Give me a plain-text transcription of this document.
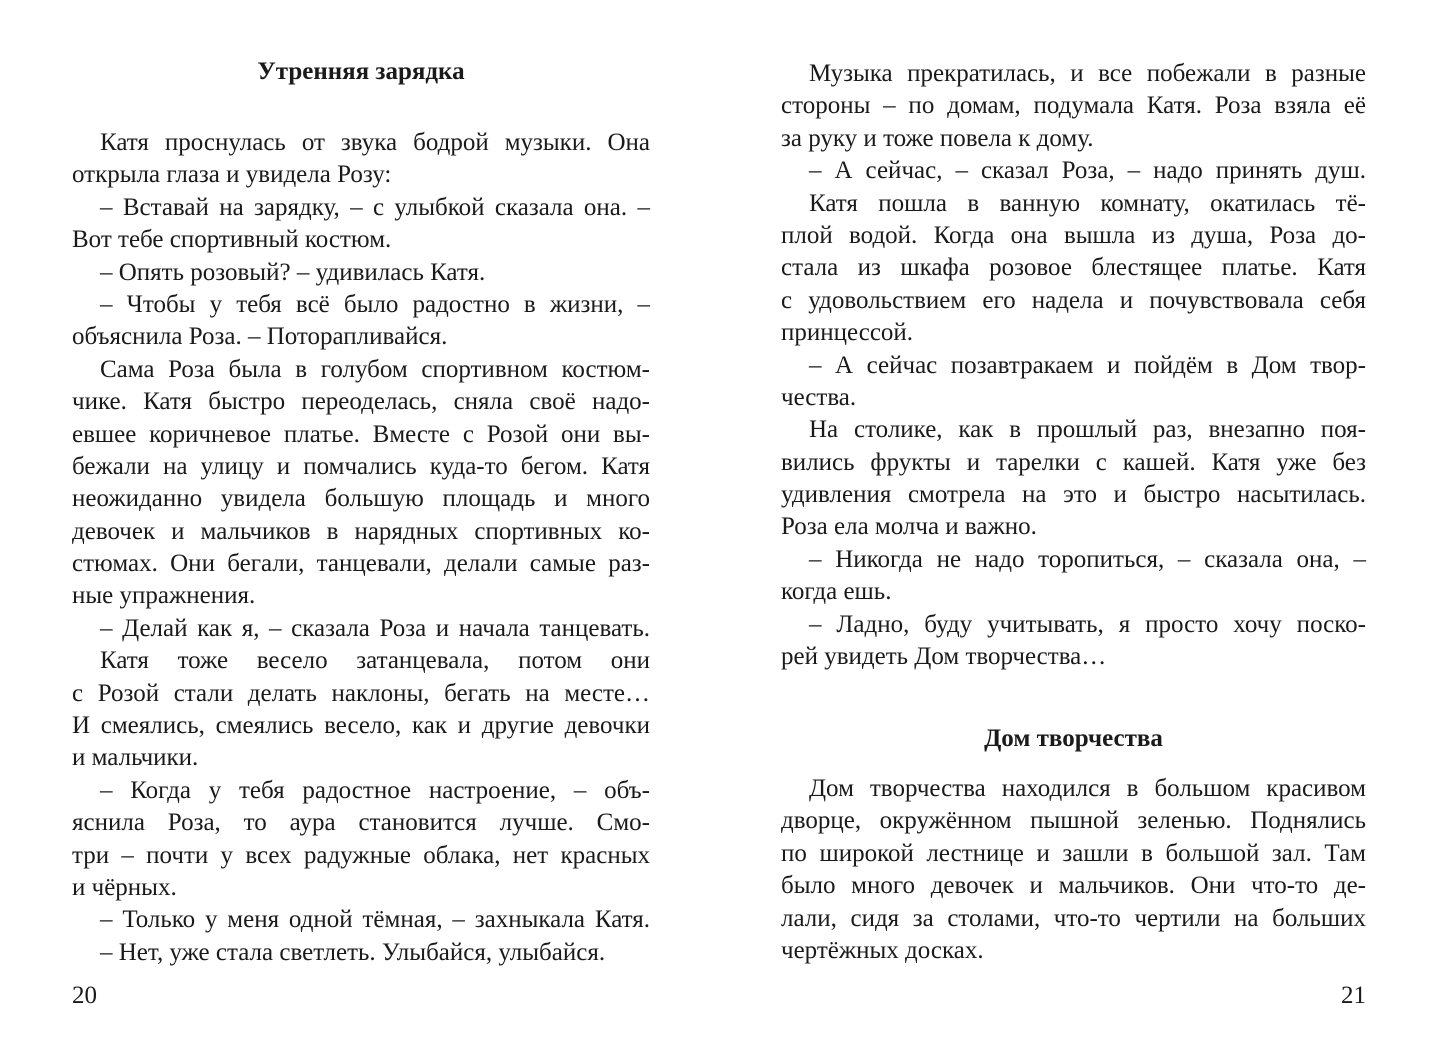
Утренняя зарядка
Катя проснулась от звука бодрой музыки. Она
открыла глаза и увидела Розу:
– Вставай на зарядку, – с улыбкой сказала она. –
Вот тебе спортивный костюм.
– Опять розовый? – удивилась Катя.
– Чтобы у тебя всё было радостно в жизни, –
объяснила Роза. – Поторапливайся.
Сама Роза была в голубом спортивном костюм-
чике. Катя быстро переоделась, сняла своё надо-
евшее коричневое платье. Вместе с Розой они вы-
бежали на улицу и помчались куда-то бегом. Катя
неожиданно увидела большую площадь и много
девочек и мальчиков в нарядных спортивных ко-
стюмах. Они бегали, танцевали, делали самые раз-
ные упражнения.
– Делай как я, – сказала Роза и начала танцевать.
Катя тоже весело затанцевала, потом они
с Розой стали делать наклоны, бегать на месте…
И смеялись, смеялись весело, как и другие девочки
и мальчики.
– Когда у тебя радостное настроение, – объ-
яснила Роза, то аура становится лучше. Смо-
три – почти у всех радужные облака, нет красных
и чёрных.
– Только у меня одной тёмная, – захныкала Катя.
– Нет, уже стала светлеть. Улыбайся, улыбайся.
20
Музыка прекратилась, и все побежали в разные
стороны – по домам, подумала Катя. Роза взяла её
за руку и тоже повела к дому.
– А сейчас, – сказал Роза, – надо принять душ.
Катя пошла в ванную комнату, окатилась тё-
плой водой. Когда она вышла из душа, Роза до-
стала из шкафа розовое блестящее платье. Катя
с удовольствием его надела и почувствовала себя
принцессой.
– А сейчас позавтракаем и пойдём в Дом твор-
чества.
На столике, как в прошлый раз, внезапно поя-
вились фрукты и тарелки с кашей. Катя уже без
удивления смотрела на это и быстро насытилась.
Роза ела молча и важно.
– Никогда не надо торопиться, – сказала она, –
когда ешь.
– Ладно, буду учитывать, я просто хочу поско-
рей увидеть Дом творчества…
Дом творчества
Дом творчества находился в большом красивом
дворце, окружённом пышной зеленью. Поднялись
по широкой лестнице и зашли в большой зал. Там
было много девочек и мальчиков. Они что-то де-
лали, сидя за столами, что-то чертили на больших
чертёжных досках.
21
